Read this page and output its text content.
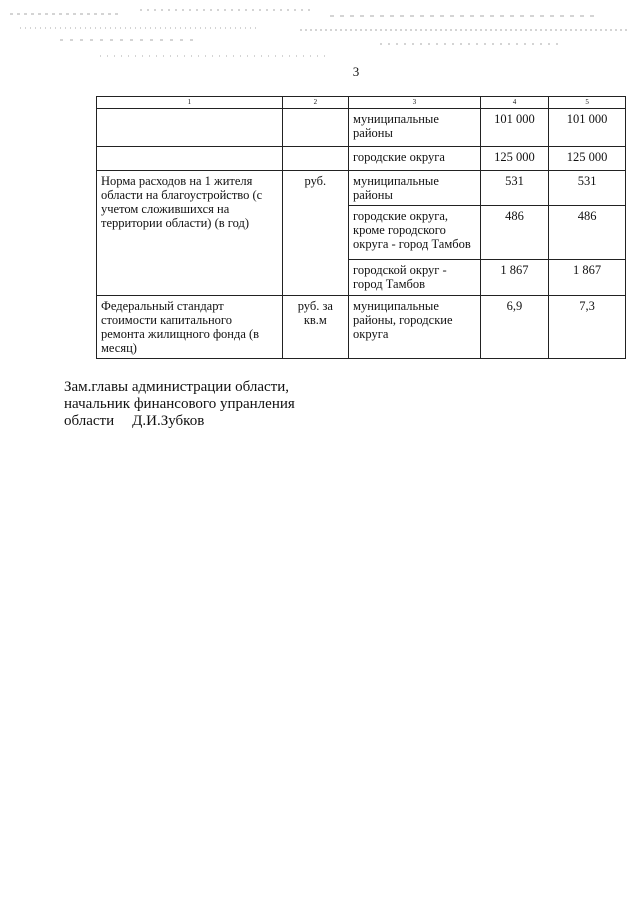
3
1	2	3	4	5
		муниципальные районы	101 000	101 000
		городские округа	125 000	125 000
Норма расходов на 1 жителя области на благоустройство (с учетом сложившихся на территории области) (в год)	руб.	муниципальные районы	531	531
		городские округа, кроме городского округа - город Тамбов	486	486
		городской округ - город Тамбов	1 867	1 867
Федеральный стандарт стоимости капитального ремонта жилищного фонда (в месяц)	руб. за кв.м	муниципальные районы, городские округа	6,9	7,3
Зам.главы администрации области,
начальник финансового упранления
области Д.И.Зубков
